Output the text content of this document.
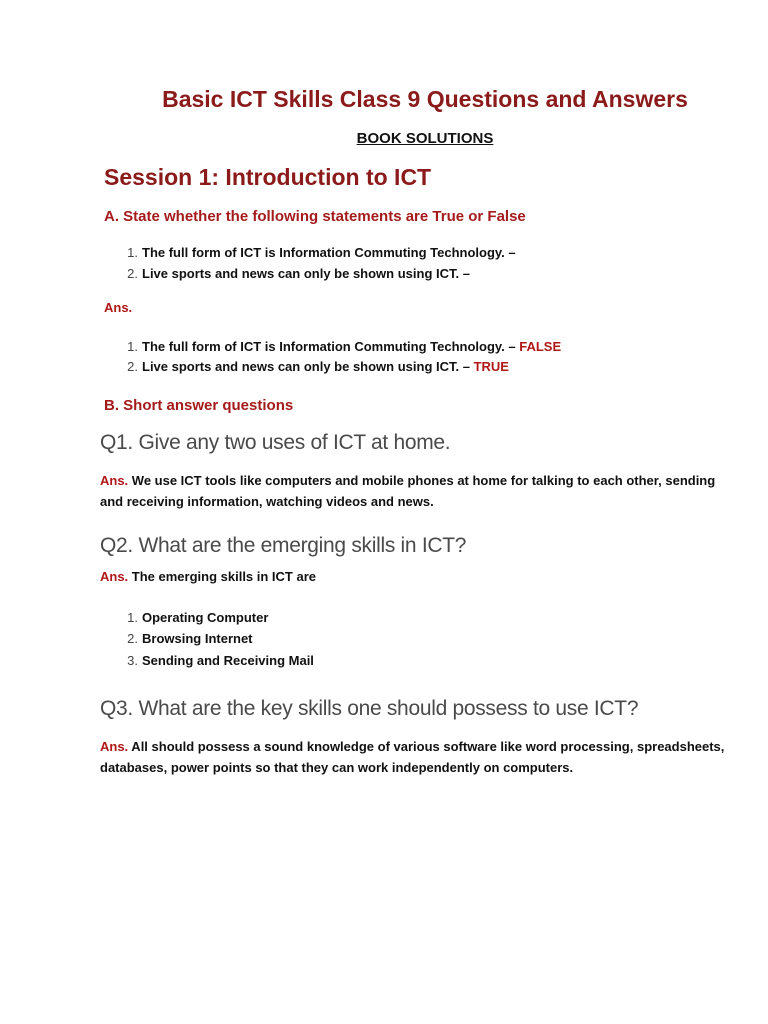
Basic ICT Skills Class 9 Questions and Answers
BOOK SOLUTIONS
Session 1: Introduction to ICT
A. State whether the following statements are True or False
1. The full form of ICT is Information Commuting Technology. –
2. Live sports and news can only be shown using ICT. –
Ans.
1. The full form of ICT is Information Commuting Technology. – FALSE
2. Live sports and news can only be shown using ICT. – TRUE
B. Short answer questions
Q1. Give any two uses of ICT at home.
Ans. We use ICT tools like computers and mobile phones at home for talking to each other, sending and receiving information, watching videos and news.
Q2. What are the emerging skills in ICT?
Ans. The emerging skills in ICT are
1. Operating Computer
2. Browsing Internet
3. Sending and Receiving Mail
Q3. What are the key skills one should possess to use ICT?
Ans. All should possess a sound knowledge of various software like word processing, spreadsheets, databases, power points so that they can work independently on computers.
